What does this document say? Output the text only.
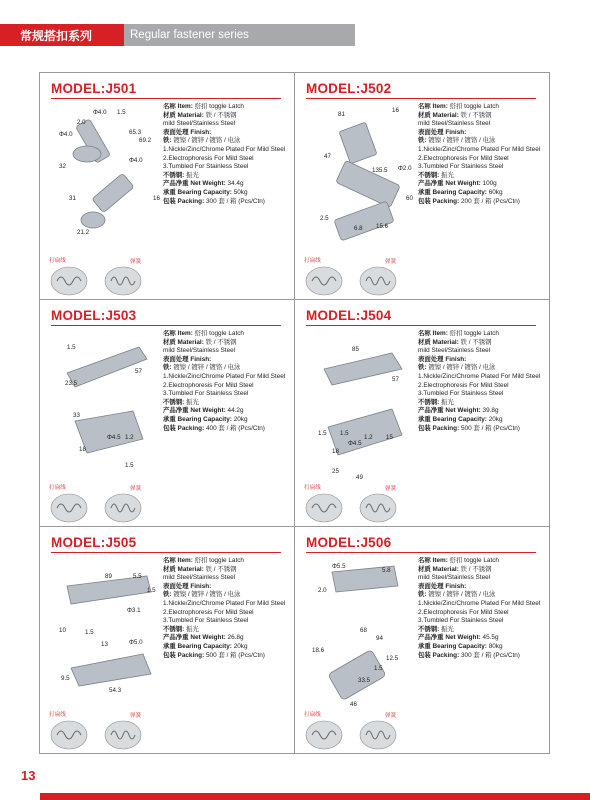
常规搭扣系列	Regular fastener series
MODEL:J501
Φ4.0 1.5
2.0
Φ4.0	65.3
69.2
Φ4.0
32
31	16
21.2
打扁线	弹簧
名称 Item: 搭扣 toggle Latch
材质 Material: 铁 / 不锈钢
mild Steel/Stainless Steel
表面处理 Finish:
铁: 镀镍 / 镀锌 / 镀铬 / 电泳
1.Nickle/Zinc/Chrome Plated For Mild Steel
2.Electrophoresis For Mild Steel
3.Tumbled For Stainless Steel
不锈钢: 振光
产品净重 Net Weight: 34.4g
承重 Bearing Capacity: 50kg
包装 Packing: 300 套 / 箱 (Pcs/Ctn)
MODEL:J502
81
16
47
Φ2.0
135.5
60
2.5
6.8 15.6
打扁线	弹簧
名称 Item: 搭扣 toggle Latch
材质 Material: 铁 / 不锈钢
mild Steel/Stainless Steel
表面处理 Finish:
铁: 镀镍 / 镀锌 / 镀铬 / 电泳
1.Nickle/Zinc/Chrome Plated For Mild Steel
2.Electrophoresis For Mild Steel
3.Tumbled For Stainless Steel
不锈钢: 振光
产品净重 Net Weight: 100g
承重 Bearing Capacity: 60kg
包装 Packing: 200 套 / 箱 (Pcs/Ctn)
MODEL:J503
1.5
57
23.5
33
Φ4.5 1.2
18
1.5
打扁线	弹簧
名称 Item: 搭扣 toggle Latch
材质 Material: 铁 / 不锈钢
mild Steel/Stainless Steel
表面处理 Finish:
铁: 镀镍 / 镀锌 / 镀铬 / 电泳
1.Nickle/Zinc/Chrome Plated For Mild Steel
2.Electrophoresis For Mild Steel
3.Tumbled For Stainless Steel
不锈钢: 振光
产品净重 Net Weight: 44.2g
承重 Bearing Capacity: 20kg
包装 Packing: 400 套 / 箱 (Pcs/Ctn)
MODEL:J504
85
57
1.5 1.5
1.2
Φ4.5
18
15
49
25
打扁线	弹簧
名称 Item: 搭扣 toggle Latch
材质 Material: 铁 / 不锈钢
mild Steel/Stainless Steel
表面处理 Finish:
铁: 镀镍 / 镀锌 / 镀铬 / 电泳
1.Nickle/Zinc/Chrome Plated For Mild Steel
2.Electrophoresis For Mild Steel
3.Tumbled For Stainless Steel
不锈钢: 振光
产品净重 Net Weight: 39.8g
承重 Bearing Capacity: 20kg
包装 Packing: 500 套 / 箱 (Pcs/Ctn)
MODEL:J505
89	5.5
1.5
Φ3.1
10	1.5
13	Φ5.0
9.5
54.3
打扁线	弹簧
名称 Item: 搭扣 toggle Latch
材质 Material: 铁 / 不锈钢
mild Steel/Stainless Steel
表面处理 Finish:
铁: 镀镍 / 镀锌 / 镀铬 / 电泳
1.Nickle/Zinc/Chrome Plated For Mild Steel
2.Electrophoresis For Mild Steel
3.Tumbled For Stainless Steel
不锈钢: 振光
产品净重 Net Weight: 26.8g
承重 Bearing Capacity: 20kg
包装 Packing: 500 套 / 箱 (Pcs/Ctn)
MODEL:J506
Φ5.5
5.8
2.0
68
94
18.6
12.5
1.5
33.5
46
打扁线	弹簧
名称 Item: 搭扣 toggle Latch
材质 Material: 铁 / 不锈钢
mild Steel/Stainless Steel
表面处理 Finish:
铁: 镀镍 / 镀锌 / 镀铬 / 电泳
1.Nickle/Zinc/Chrome Plated For Mild Steel
2.Electrophoresis For Mild Steel
3.Tumbled For Stainless Steel
不锈钢: 振光
产品净重 Net Weight: 45.5g
承重 Bearing Capacity: 80kg
包装 Packing: 300 套 / 箱 (Pcs/Ctn)
13
